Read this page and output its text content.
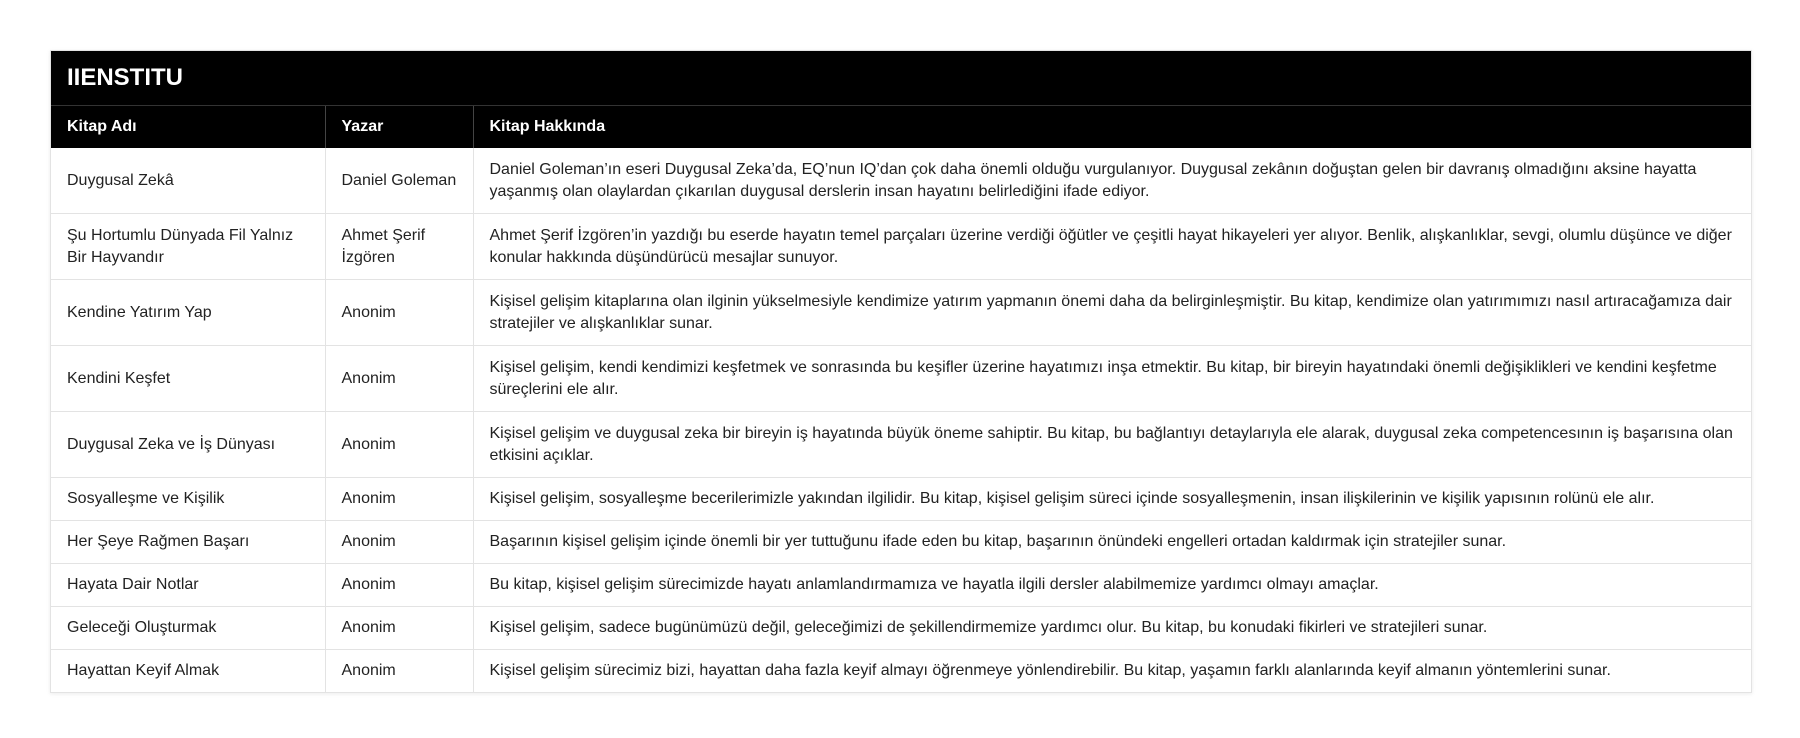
IIENSTITU
Kitap Adı	Yazar	Kitap Hakkında
Duygusal Zekâ	Daniel Goleman	Daniel Goleman’ın eseri Duygusal Zeka’da, EQ’nun IQ’dan çok daha önemli olduğu vurgulanıyor. Duygusal zekânın doğuştan gelen bir davranış olmadığını aksine hayatta yaşanmış olan olaylardan çıkarılan duygusal derslerin insan hayatını belirlediğini ifade ediyor.
Şu Hortumlu Dünyada Fil Yalnız Bir Hayvandır	Ahmet Şerif İzgören	Ahmet Şerif İzgören’in yazdığı bu eserde hayatın temel parçaları üzerine verdiği öğütler ve çeşitli hayat hikayeleri yer alıyor. Benlik, alışkanlıklar, sevgi, olumlu düşünce ve diğer konular hakkında düşündürücü mesajlar sunuyor.
Kendine Yatırım Yap	Anonim	Kişisel gelişim kitaplarına olan ilginin yükselmesiyle kendimize yatırım yapmanın önemi daha da belirginleşmiştir. Bu kitap, kendimize olan yatırımımızı nasıl artıracağamıza dair stratejiler ve alışkanlıklar sunar.
Kendini Keşfet	Anonim	Kişisel gelişim, kendi kendimizi keşfetmek ve sonrasında bu keşifler üzerine hayatımızı inşa etmektir. Bu kitap, bir bireyin hayatındaki önemli değişiklikleri ve kendini keşfetme süreçlerini ele alır.
Duygusal Zeka ve İş Dünyası	Anonim	Kişisel gelişim ve duygusal zeka bir bireyin iş hayatında büyük öneme sahiptir. Bu kitap, bu bağlantıyı detaylarıyla ele alarak, duygusal zeka competencesının iş başarısına olan etkisini açıklar.
Sosyalleşme ve Kişilik	Anonim	Kişisel gelişim, sosyalleşme becerilerimizle yakından ilgilidir. Bu kitap, kişisel gelişim süreci içinde sosyalleşmenin, insan ilişkilerinin ve kişilik yapısının rolünü ele alır.
Her Şeye Rağmen Başarı	Anonim	Başarının kişisel gelişim içinde önemli bir yer tuttuğunu ifade eden bu kitap, başarının önündeki engelleri ortadan kaldırmak için stratejiler sunar.
Hayata Dair Notlar	Anonim	Bu kitap, kişisel gelişim sürecimizde hayatı anlamlandırmamıza ve hayatla ilgili dersler alabilmemize yardımcı olmayı amaçlar.
Geleceği Oluşturmak	Anonim	Kişisel gelişim, sadece bugünümüzü değil, geleceğimizi de şekillendirmemize yardımcı olur. Bu kitap, bu konudaki fikirleri ve stratejileri sunar.
Hayattan Keyif Almak	Anonim	Kişisel gelişim sürecimiz bizi, hayattan daha fazla keyif almayı öğrenmeye yönlendirebilir. Bu kitap, yaşamın farklı alanlarında keyif almanın yöntemlerini sunar.
